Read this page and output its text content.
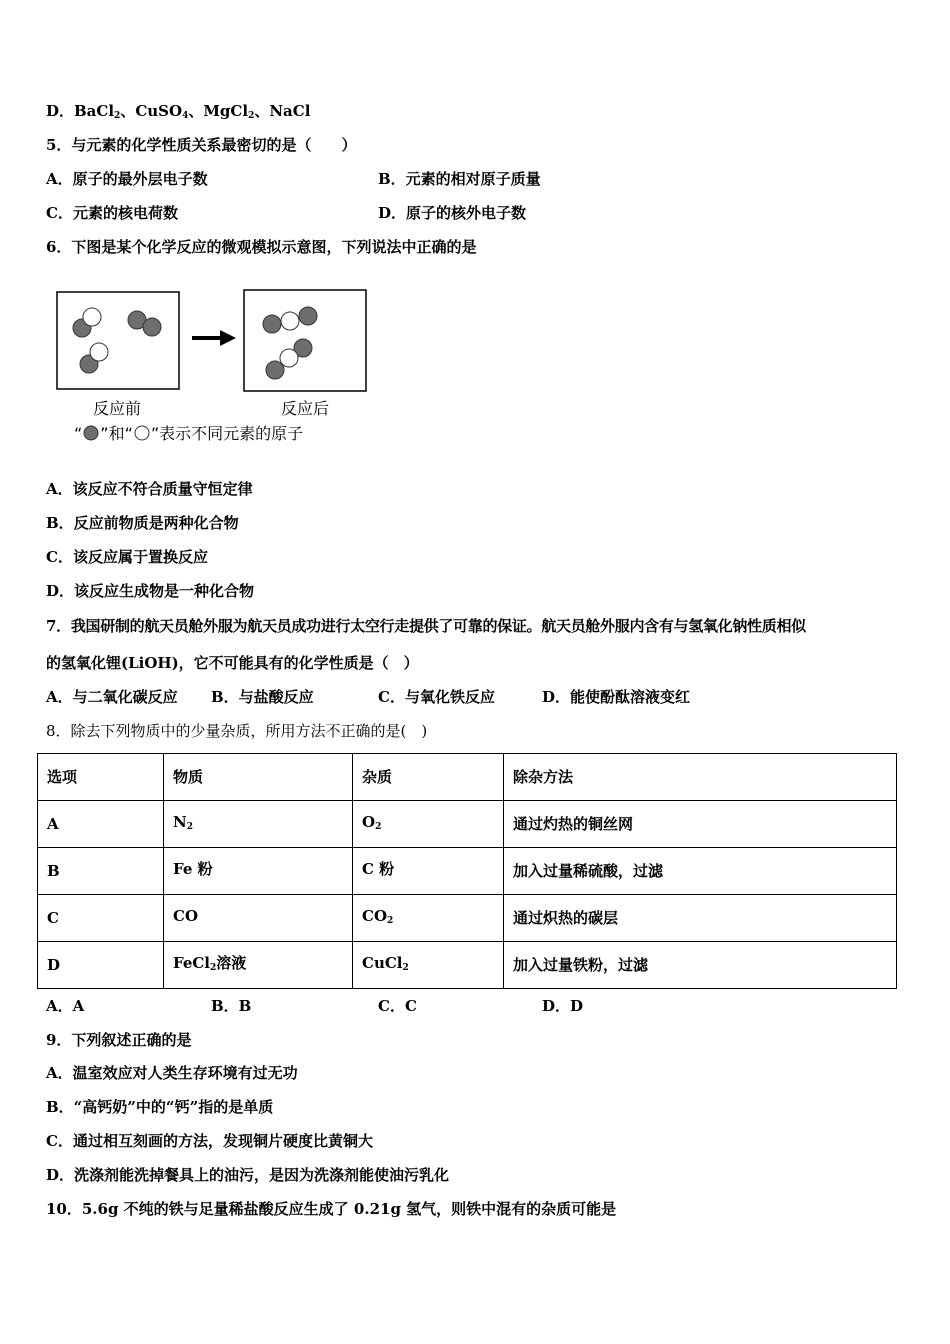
D．BaCl$_2$、CuSO$_4$、MgCl$_2$、NaCl
5．与元素的化学性质关系最密切的是（　　）
A．原子的最外层电子数	B．元素的相对原子质量
C．元素的核电荷数	D．原子的核外电子数
6．下图是某个化学反应的微观模拟示意图，下列说法中正确的是
反应前	反应后
“ ”和“ ”表示不同元素的原子
A．该反应不符合质量守恒定律
B．反应前物质是两种化合物
C．该反应属于置换反应
D．该反应生成物是一种化合物
7．我国研制的航天员舱外服为航天员成功进行太空行走提供了可靠的保证。航天员舱外服内含有与氢氧化钠性质相似
的氢氧化锂(LiOH)，它不可能具有的化学性质是（　）
A．与二氧化碳反应 B．与盐酸反应	C．与氧化铁反应	D．能使酚酞溶液变红
8．除去下列物质中的少量杂质，所用方法不正确的是(　)
选项	物质	杂质	除杂方法
A	$N_2$	$O_2$	通过灼热的铜丝网
B	Fe 粉	C 粉	加入过量稀硫酸，过滤
C	CO	$CO_2$	通过炽热的碳层
D	FeCl$_2$溶液	CuCl$_2$	加入过量铁粉，过滤
A．A	B．B	C．C	D．D
9．下列叙述正确的是
A．温室效应对人类生存环境有过无功
B．“高钙奶”中的“钙”指的是单质
C．通过相互刻画的方法，发现铜片硬度比黄铜大
D．洗涤剂能洗掉餐具上的油污，是因为洗涤剂能使油污乳化
10．5.6g 不纯的铁与足量稀盐酸反应生成了 0.21g 氢气，则铁中混有的杂质可能是
